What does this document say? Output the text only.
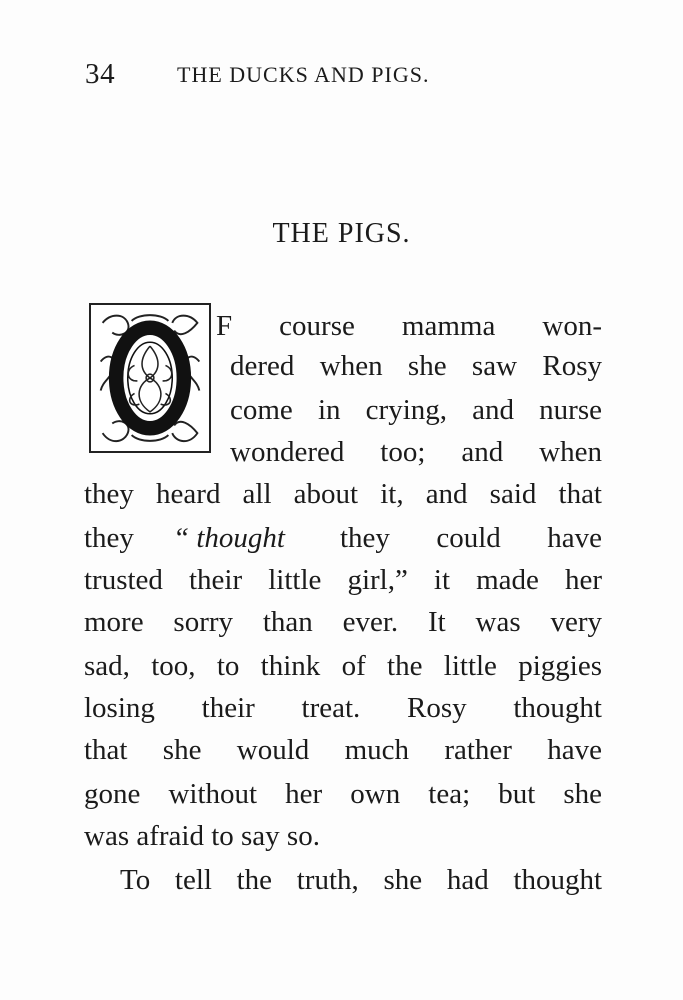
34	THE DUCKS AND PIGS.
THE PIGS.
F course mamma won-
dered when she saw Rosy
come in crying, and nurse
wondered too; and when
they heard all about it, and said that
they	“ thought	they could have
trusted their little girl,” it made her
more sorry than ever. It was very
sad, too, to think of the little piggies
losing their treat. Rosy thought
that she would much rather have
gone without her own tea; but she
was afraid to say so.
To tell the truth, she had thought
